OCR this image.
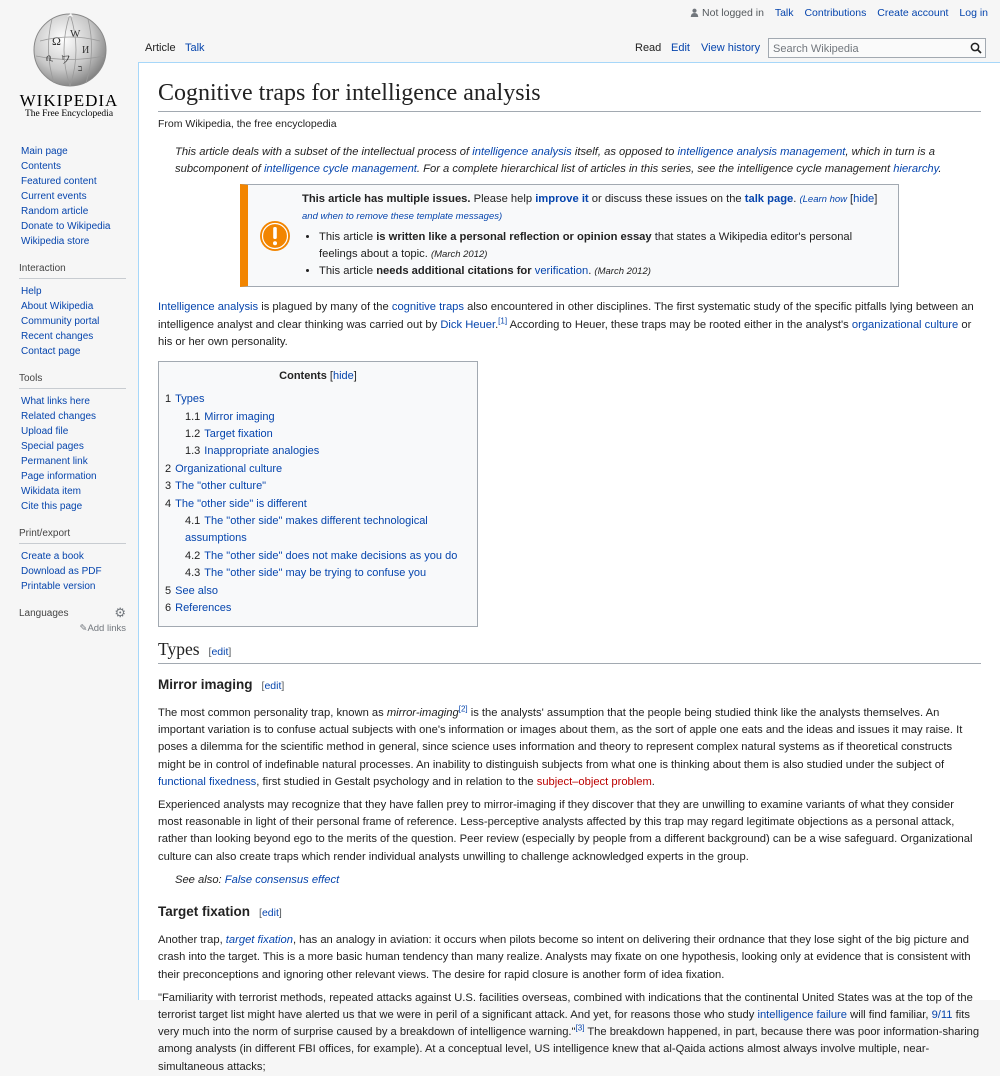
Not logged in Talk Contributions Create account Log in
Ω W
И
ワ
ב
ቢ
WIKIPEDIA
The Free Encyclopedia
Main page
Contents
Featured content
Current events
Random article
Donate to Wikipedia
Wikipedia store
Interaction
Help
About Wikipedia
Community portal
Recent changes
Contact page
Tools
What links here
Related changes
Upload file
Special pages
Permanent link
Page information
Wikidata item
Cite this page
Print/export
Create a book
Download as PDF
Printable version
Languages	⚙
✎Add links
Article Talk	Read Edit View history
Search Wikipedia
Cognitive traps for intelligence analysis
From Wikipedia, the free encyclopedia
This article deals with a subset of the intellectual process of intelligence analysis itself, as opposed to intelligence analysis management, which in turn is a subcomponent of intelligence cycle management. For a complete hierarchical list of articles in this series, see the intelligence cycle management hierarchy.
This article has multiple issues. Please help improve it or discuss these issues on the talk page. (Learn how and when to remove these template messages)
• This article is written like a personal reflection or opinion essay that states a Wikipedia editor's personal feelings about a topic. (March 2012)
• This article needs additional citations for verification. (March 2012)
[hide]

Intelligence analysis is plagued by many of the cognitive traps also encountered in other disciplines. The first systematic study of the specific pitfalls lying between an intelligence analyst and clear thinking was carried out by Dick Heuer.[1] According to Heuer, these traps may be rooted either in the analyst's organizational culture or his or her own personality.

Contents [hide]
1 Types
1.1 Mirror imaging
1.2 Target fixation
1.3 Inappropriate analogies
2 Organizational culture
3 The "other culture"
4 The "other side" is different
4.1 The "other side" makes different technological assumptions
4.2 The "other side" does not make decisions as you do
4.3 The "other side" may be trying to confuse you
5 See also
6 References
Types [edit]
Mirror imaging [edit]

The most common personality trap, known as mirror-imaging[2] is the analysts' assumption that the people being studied think like the analysts themselves. An important variation is to confuse actual subjects with one's information or images about them, as the sort of apple one eats and the ideas and issues it may raise. It poses a dilemma for the scientific method in general, since science uses information and theory to represent complex natural systems as if theoretical constructs might be in control of indefinable natural processes. An inability to distinguish subjects from what one is thinking about them is also studied under the subject of functional fixedness, first studied in Gestalt psychology and in relation to the subject–object problem.

Experienced analysts may recognize that they have fallen prey to mirror-imaging if they discover that they are unwilling to examine variants of what they consider most reasonable in light of their personal frame of reference. Less-perceptive analysts affected by this trap may regard legitimate objections as a personal attack, rather than looking beyond ego to the merits of the question. Peer review (especially by people from a different background) can be a wise safeguard. Organizational culture can also create traps which render individual analysts unwilling to challenge acknowledged experts in the group.

See also: False consensus effect
Target fixation [edit]

Another trap, target fixation, has an analogy in aviation: it occurs when pilots become so intent on delivering their ordnance that they lose sight of the big picture and crash into the target. This is a more basic human tendency than many realize. Analysts may fixate on one hypothesis, looking only at evidence that is consistent with their preconceptions and ignoring other relevant views. The desire for rapid closure is another form of idea fixation.

"Familiarity with terrorist methods, repeated attacks against U.S. facilities overseas, combined with indications that the continental United States was at the top of the terrorist target list might have alerted us that we were in peril of a significant attack. And yet, for reasons those who study intelligence failure will find familiar, 9/11 fits very much into the norm of surprise caused by a breakdown of intelligence warning."[3] The breakdown happened, in part, because there was poor information-sharing among analysts (in different FBI offices, for example). At a conceptual level, US intelligence knew that al-Qaida actions almost always involve multiple, near-simultaneous attacks;
